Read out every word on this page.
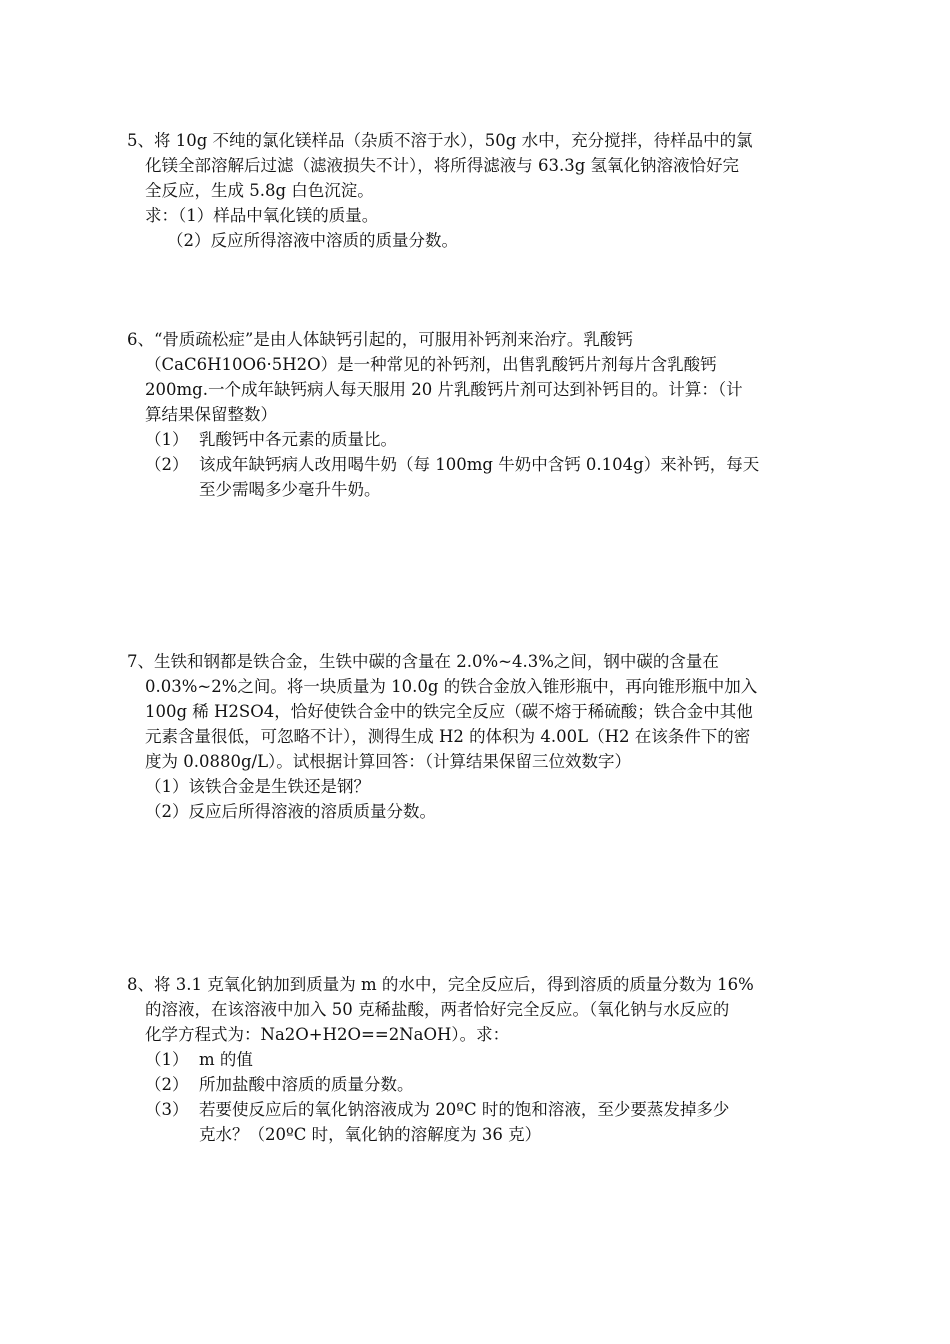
5、将 10g 不纯的氯化镁样品（杂质不溶于水），50g 水中，充分搅拌，待样品中的氯
化镁全部溶解后过滤（滤液损失不计），将所得滤液与 63.3g 氢氧化钠溶液恰好完
全反应，生成 5.8g 白色沉淀。
求：（1）样品中氧化镁的质量。
（2）反应所得溶液中溶质的质量分数。
6、“骨质疏松症”是由人体缺钙引起的，可服用补钙剂来治疗。乳酸钙
（CaC6H10O6·5H2O）是一种常见的补钙剂，出售乳酸钙片剂每片含乳酸钙
200mg.一个成年缺钙病人每天服用 20 片乳酸钙片剂可达到补钙目的。计算：（计
算结果保留整数）
（1） 乳酸钙中各元素的质量比。
（2） 该成年缺钙病人改用喝牛奶（每 100mg 牛奶中含钙 0.104g）来补钙，每天
至少需喝多少毫升牛奶。
7、生铁和钢都是铁合金，生铁中碳的含量在 2.0%~4.3%之间，钢中碳的含量在
0.03%~2%之间。将一块质量为 10.0g 的铁合金放入锥形瓶中，再向锥形瓶中加入
100g 稀 H2SO4，恰好使铁合金中的铁完全反应（碳不熔于稀硫酸；铁合金中其他
元素含量很低，可忽略不计），测得生成 H2 的体积为 4.00L（H2 在该条件下的密
度为 0.0880g/L）。试根据计算回答：（计算结果保留三位效数字）
（1）该铁合金是生铁还是钢？
（2）反应后所得溶液的溶质质量分数。
8、将 3.1 克氧化钠加到质量为 m 的水中，完全反应后，得到溶质的质量分数为 16%
的溶液，在该溶液中加入 50 克稀盐酸，两者恰好完全反应。（氧化钠与水反应的
化学方程式为：Na2O+H2O==2NaOH）。求：
（1） m 的值
（2） 所加盐酸中溶质的质量分数。
（3） 若要使反应后的氧化钠溶液成为 20ºC 时的饱和溶液，至少要蒸发掉多少
克水？（20ºC 时，氧化钠的溶解度为 36 克）
